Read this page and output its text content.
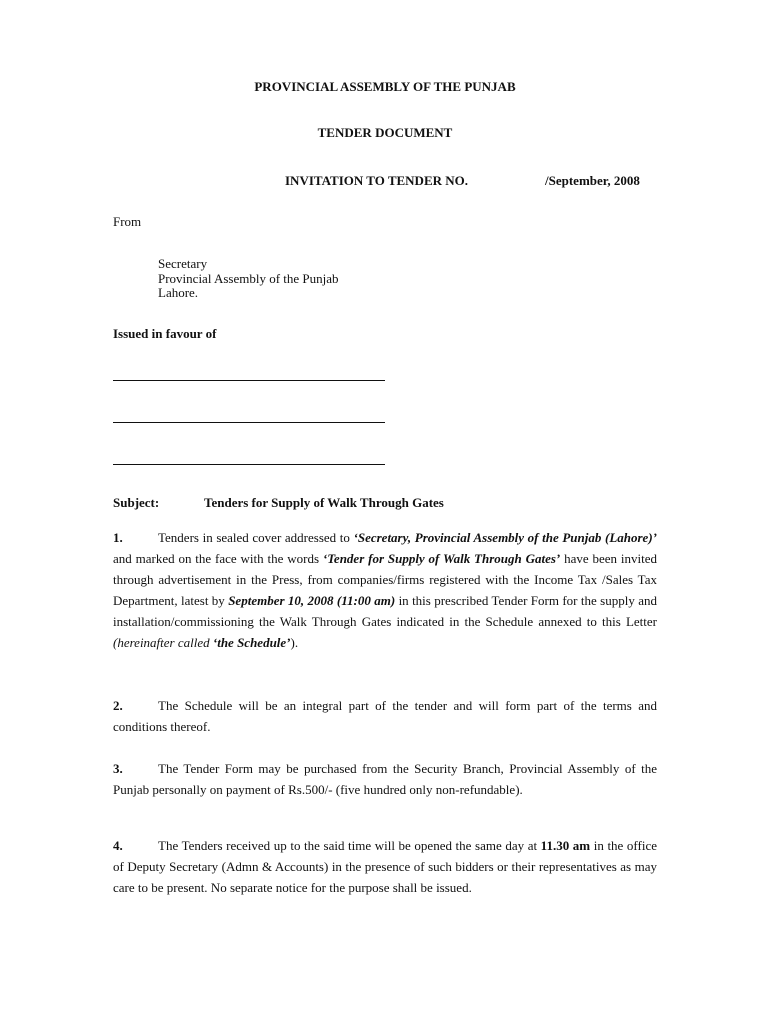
PROVINCIAL ASSEMBLY OF THE PUNJAB
TENDER DOCUMENT
INVITATION TO TENDER NO.	/September, 2008
From
Secretary
Provincial Assembly of the Punjab
Lahore.
Issued in favour of
Subject:	Tenders for Supply of Walk Through Gates
1.	Tenders in sealed cover addressed to ‘Secretary, Provincial Assembly of the Punjab (Lahore)’ and marked on the face with the words ‘Tender for Supply of Walk Through Gates’ have been invited through advertisement in the Press, from companies/firms registered with the Income Tax /Sales Tax Department, latest by September 10, 2008 (11:00 am) in this prescribed Tender Form for the supply and installation/commissioning the Walk Through Gates indicated in the Schedule annexed to this Letter (hereinafter called ‘the Schedule’).
2.	The Schedule will be an integral part of the tender and will form part of the terms and conditions thereof.
3.	The Tender Form may be purchased from the Security Branch, Provincial Assembly of the Punjab personally on payment of Rs.500/- (five hundred only non-refundable).
4.	The Tenders received up to the said time will be opened the same day at 11.30 am in the office of Deputy Secretary (Admn & Accounts) in the presence of such bidders or their representatives as may care to be present. No separate notice for the purpose shall be issued.
